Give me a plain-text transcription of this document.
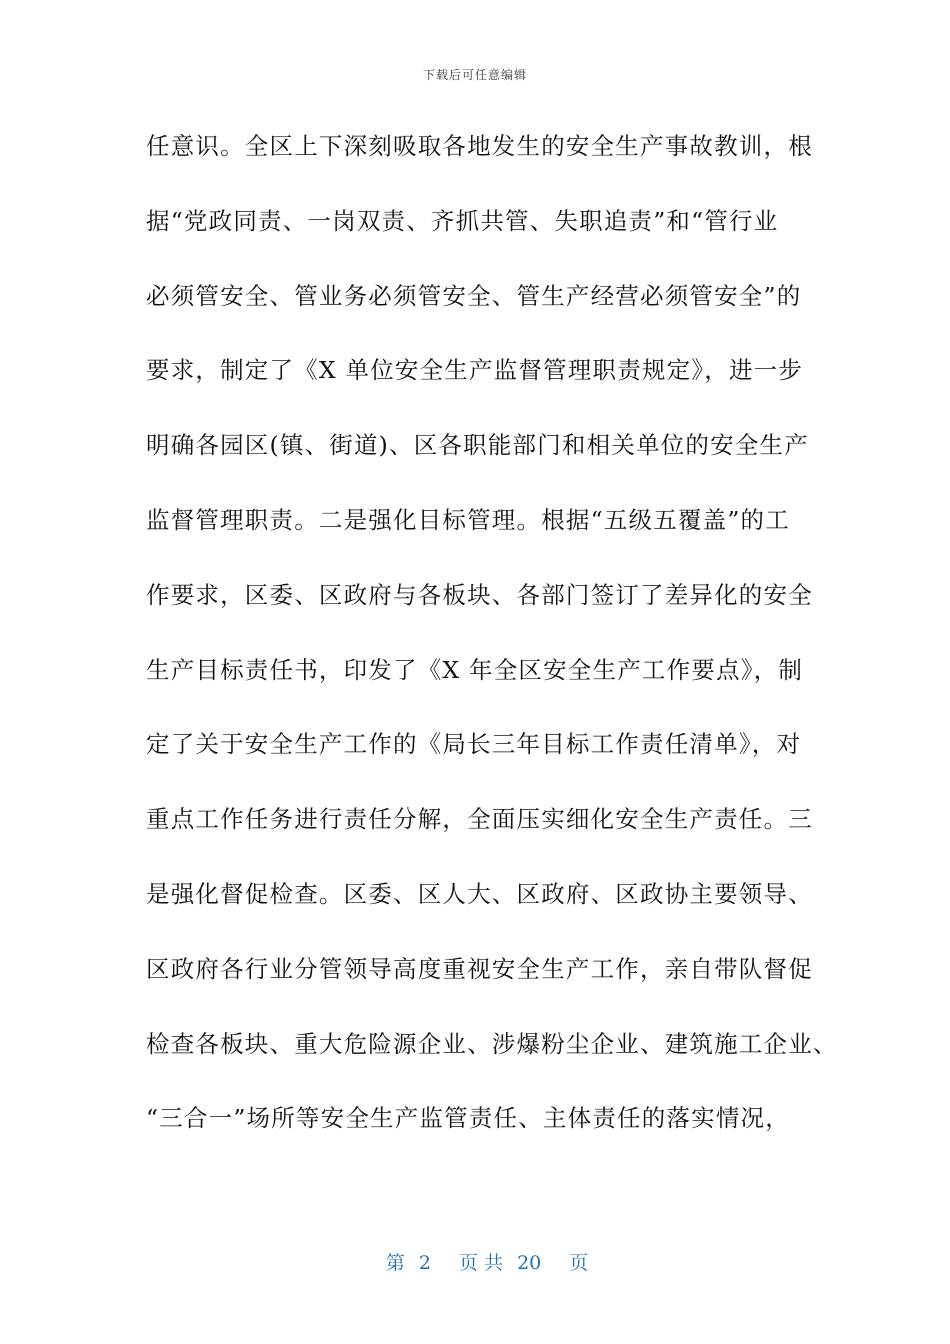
下载后可任意编辑
任意识。全区上下深刻吸取各地发生的安全生产事故教训，根
据“党政同责、一岗双责、齐抓共管、失职追责”和“管行业
必须管安全、管业务必须管安全、管生产经营必须管安全”的
要求，制定了《X 单位安全生产监督管理职责规定》，进一步
明确各园区(镇、街道)、区各职能部门和相关单位的安全生产
监督管理职责。二是强化目标管理。根据“五级五覆盖”的工
作要求，区委、区政府与各板块、各部门签订了差异化的安全
生产目标责任书，印发了《X 年全区安全生产工作要点》，制
定了关于安全生产工作的《局长三年目标工作责任清单》，对
重点工作任务进行责任分解，全面压实细化安全生产责任。三
是强化督促检查。区委、区人大、区政府、区政协主要领导、
区政府各行业分管领导高度重视安全生产工作，亲自带队督促
检查各板块、重大危险源企业、涉爆粉尘企业、建筑施工企业、
“三合一”场所等安全生产监管责任、主体责任的落实情况，

第 2 页 共 20 页
